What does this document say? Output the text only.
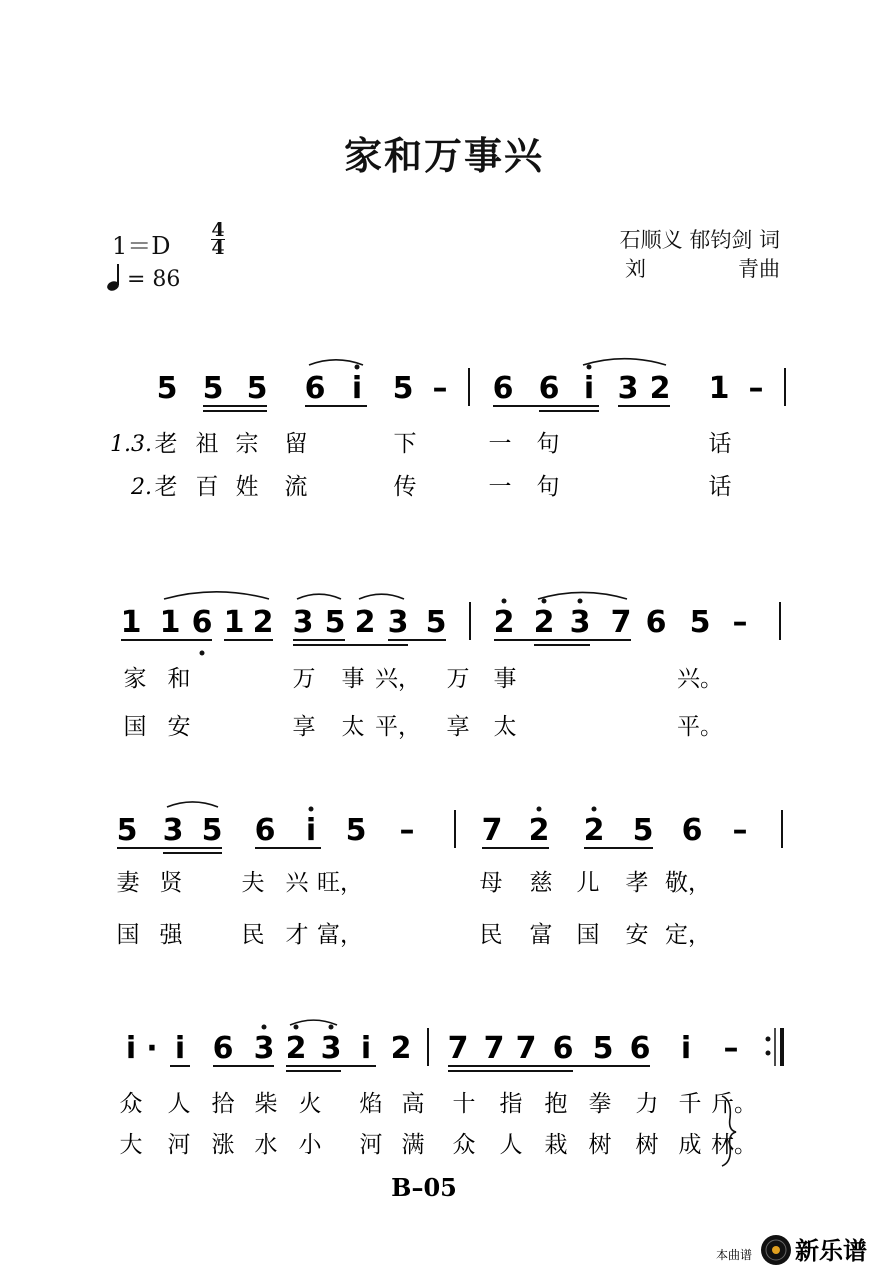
家和万事兴
1＝D
4
4
= 86
石顺义 郁钧剑 词
刘	青曲
5 5 5 6 i 5 – 6 6 i 3 2 1 –
1 1 6 1 2 3 5 2 3 5 2 2 3 7 6 5 –
5 3 5 6 i 5 – 7 2 2 5 6 –
i · i 6 3 2 3 i 2 7 7 7 6 5 6 i –
1.3. 老 祖 宗 留	下	一 句	话
2. 老 百 姓 流	传	一 句	话
家 和	万 事 兴， 万 事	兴。
国 安	享 太 平， 享 太	平。
妻 贤	夫 兴 旺，	母 慈 儿 孝 敬，
国 强	民 才 富，	民 富 国 安 定，
众 人 拾 柴 火 焰 高 十 指 抱 拳 力 千 斤。
大 河 涨 水 小 河 满 众 人 栽 树 树 成 林。
B–05
本曲谱 新乐谱
